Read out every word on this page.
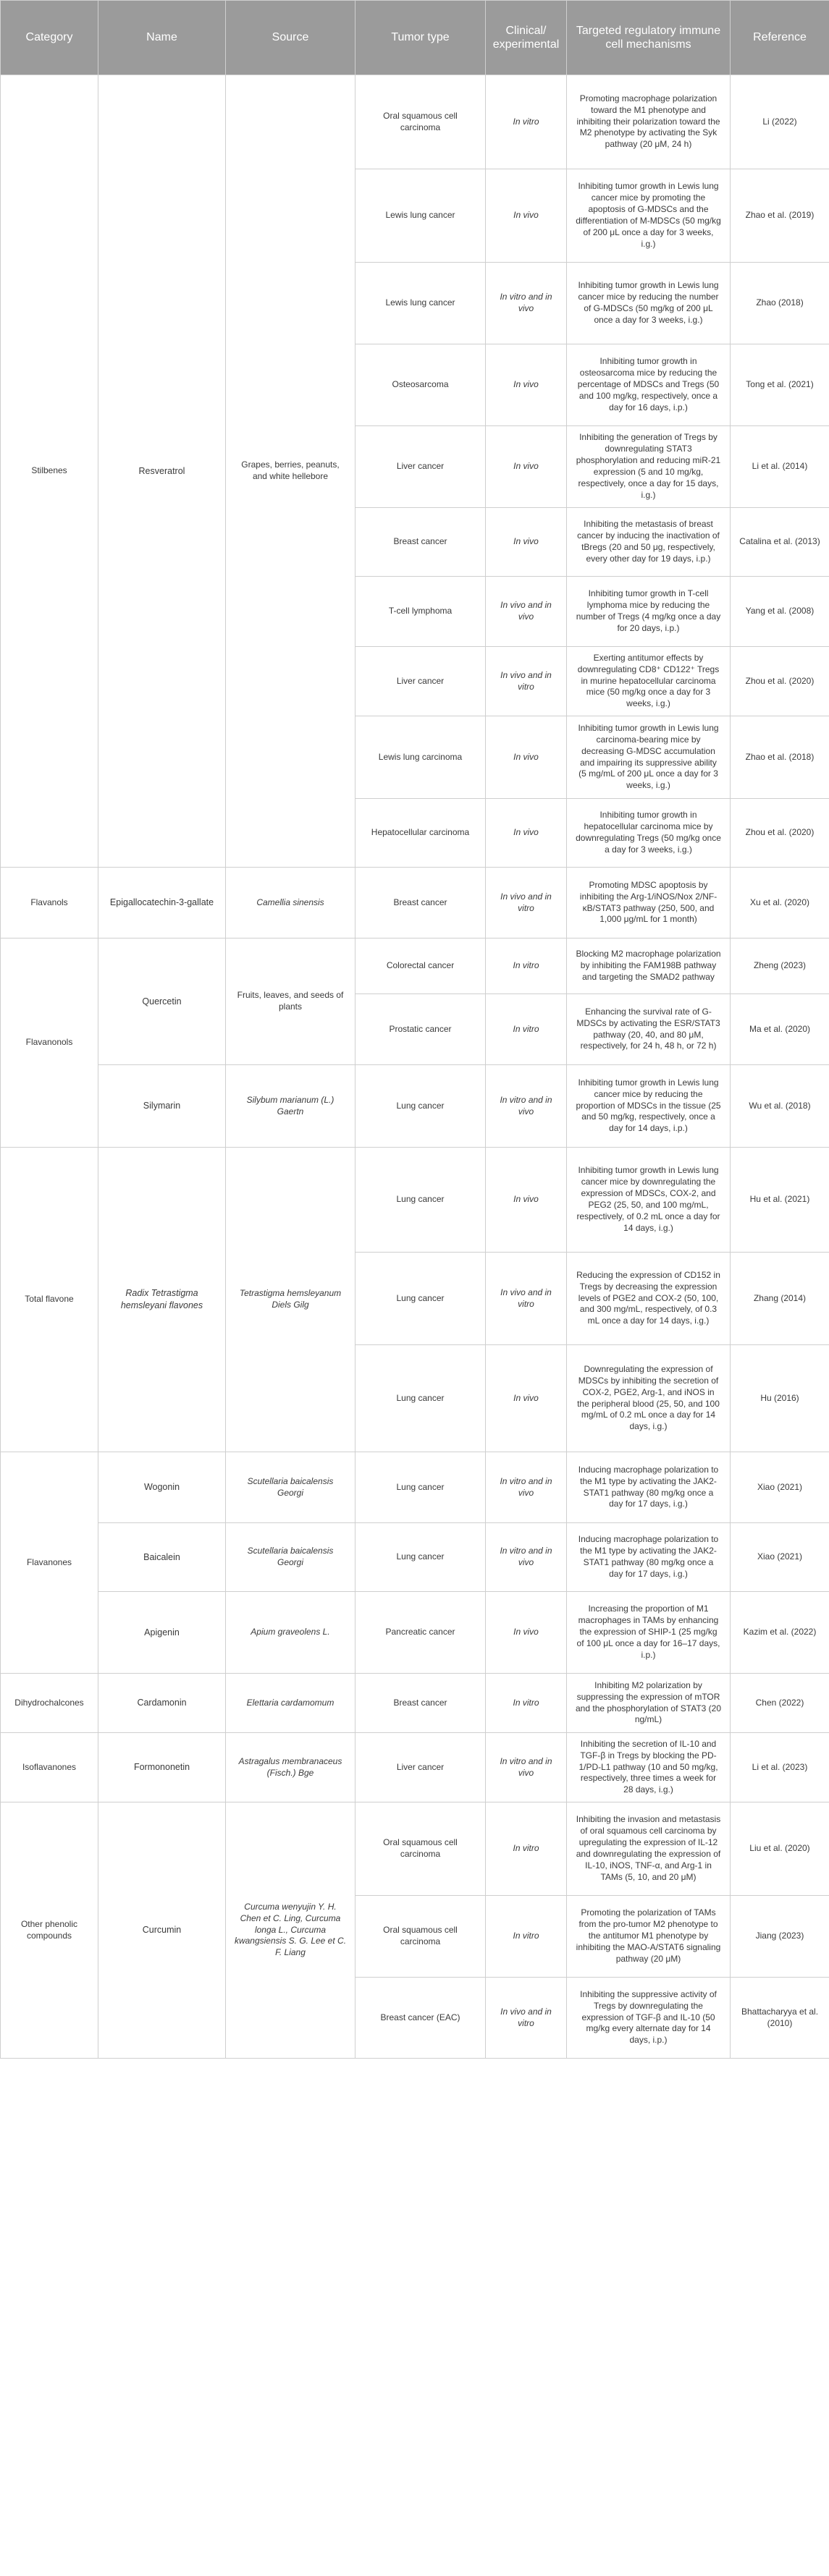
Category	Name	Source	Tumor type	Clinical/ experimental	Targeted regulatory immune cell mechanisms	Reference
Stilbenes	Resveratrol	Grapes, berries, peanuts, and white hellebore	Oral squamous cell carcinoma	In vitro	Promoting macrophage polarization toward the M1 phenotype and inhibiting their polarization toward the M2 phenotype by activating the Syk pathway (20 μM, 24 h)	Li (2022)
			Lewis lung cancer	In vivo	Inhibiting tumor growth in Lewis lung cancer mice by promoting the apoptosis of G-MDSCs and the differentiation of M-MDSCs (50 mg/kg of 200 μL once a day for 3 weeks, i.g.)	Zhao et al. (2019)
			Lewis lung cancer	In vitro and in vivo	Inhibiting tumor growth in Lewis lung cancer mice by reducing the number of G-MDSCs (50 mg/kg of 200 μL once a day for 3 weeks, i.g.)	Zhao (2018)
			Osteosarcoma	In vivo	Inhibiting tumor growth in osteosarcoma mice by reducing the percentage of MDSCs and Tregs (50 and 100 mg/kg, respectively, once a day for 16 days, i.p.)	Tong et al. (2021)
			Liver cancer	In vivo	Inhibiting the generation of Tregs by downregulating STAT3 phosphorylation and reducing miR-21 expression (5 and 10 mg/kg, respectively, once a day for 15 days, i.g.)	Li et al. (2014)
			Breast cancer	In vivo	Inhibiting the metastasis of breast cancer by inducing the inactivation of tBregs (20 and 50 μg, respectively, every other day for 19 days, i.p.)	Catalina et al. (2013)
			T-cell lymphoma	In vivo and in vivo	Inhibiting tumor growth in T-cell lymphoma mice by reducing the number of Tregs (4 mg/kg once a day for 20 days, i.p.)	Yang et al. (2008)
			Liver cancer	In vivo and in vitro	Exerting antitumor effects by downregulating CD8⁺ CD122⁺ Tregs in murine hepatocellular carcinoma mice (50 mg/kg once a day for 3 weeks, i.g.)	Zhou et al. (2020)
			Lewis lung carcinoma	In vivo	Inhibiting tumor growth in Lewis lung carcinoma-bearing mice by decreasing G-MDSC accumulation and impairing its suppressive ability (5 mg/mL of 200 μL once a day for 3 weeks, i.g.)	Zhao et al. (2018)
			Hepatocellular carcinoma	In vivo	Inhibiting tumor growth in hepatocellular carcinoma mice by downregulating Tregs (50 mg/kg once a day for 3 weeks, i.g.)	Zhou et al. (2020)
Flavanols	Epigallocatechin-3-gallate	Camellia sinensis	Breast cancer	In vivo and in vitro	Promoting MDSC apoptosis by inhibiting the Arg-1/iNOS/Nox 2/NF-κB/STAT3 pathway (250, 500, and 1,000 μg/mL for 1 month)	Xu et al. (2020)
Flavanonols	Quercetin	Fruits, leaves, and seeds of plants	Colorectal cancer	In vitro	Blocking M2 macrophage polarization by inhibiting the FAM198B pathway and targeting the SMAD2 pathway	Zheng (2023)
			Prostatic cancer	In vitro	Enhancing the survival rate of G-MDSCs by activating the ESR/STAT3 pathway (20, 40, and 80 μM, respectively, for 24 h, 48 h, or 72 h)	Ma et al. (2020)
	Silymarin	Silybum marianum (L.) Gaertn	Lung cancer	In vitro and in vivo	Inhibiting tumor growth in Lewis lung cancer mice by reducing the proportion of MDSCs in the tissue (25 and 50 mg/kg, respectively, once a day for 14 days, i.p.)	Wu et al. (2018)
Total flavone	Radix Tetrastigma hemsleyani flavones	Tetrastigma hemsleyanum Diels Gilg	Lung cancer	In vivo	Inhibiting tumor growth in Lewis lung cancer mice by downregulating the expression of MDSCs, COX-2, and PEG2 (25, 50, and 100 mg/mL, respectively, of 0.2 mL once a day for 14 days, i.g.)	Hu et al. (2021)
			Lung cancer	In vivo and in vitro	Reducing the expression of CD152 in Tregs by decreasing the expression levels of PGE2 and COX-2 (50, 100, and 300 mg/mL, respectively, of 0.3 mL once a day for 14 days, i.g.)	Zhang (2014)
			Lung cancer	In vivo	Downregulating the expression of MDSCs by inhibiting the secretion of COX-2, PGE2, Arg-1, and iNOS in the peripheral blood (25, 50, and 100 mg/mL of 0.2 mL once a day for 14 days, i.g.)	Hu (2016)
Flavanones	Wogonin	Scutellaria baicalensis Georgi	Lung cancer	In vitro and in vivo	Inducing macrophage polarization to the M1 type by activating the JAK2-STAT1 pathway (80 mg/kg once a day for 17 days, i.g.)	Xiao (2021)
	Baicalein	Scutellaria baicalensis Georgi	Lung cancer	In vitro and in vivo	Inducing macrophage polarization to the M1 type by activating the JAK2-STAT1 pathway (80 mg/kg once a day for 17 days, i.g.)	Xiao (2021)
	Apigenin	Apium graveolens L.	Pancreatic cancer	In vivo	Increasing the proportion of M1 macrophages in TAMs by enhancing the expression of SHIP-1 (25 mg/kg of 100 μL once a day for 16–17 days, i.p.)	Kazim et al. (2022)
Dihydrochalcones	Cardamonin	Elettaria cardamomum	Breast cancer	In vitro	Inhibiting M2 polarization by suppressing the expression of mTOR and the phosphorylation of STAT3 (20 ng/mL)	Chen (2022)
Isoflavanones	Formononetin	Astragalus membranaceus (Fisch.) Bge	Liver cancer	In vitro and in vivo	Inhibiting the secretion of IL-10 and TGF-β in Tregs by blocking the PD-1/PD-L1 pathway (10 and 50 mg/kg, respectively, three times a week for 28 days, i.g.)	Li et al. (2023)
Other phenolic compounds	Curcumin	Curcuma wenyujin Y. H. Chen et C. Ling, Curcuma longa L., Curcuma kwangsiensis S. G. Lee et C. F. Liang	Oral squamous cell carcinoma	In vitro	Inhibiting the invasion and metastasis of oral squamous cell carcinoma by upregulating the expression of IL-12 and downregulating the expression of IL-10, iNOS, TNF-α, and Arg-1 in TAMs (5, 10, and 20 μM)	Liu et al. (2020)
			Oral squamous cell carcinoma	In vitro	Promoting the polarization of TAMs from the pro-tumor M2 phenotype to the antitumor M1 phenotype by inhibiting the MAO-A/STAT6 signaling pathway (20 μM)	Jiang (2023)
			Breast cancer (EAC)	In vivo and in vitro	Inhibiting the suppressive activity of Tregs by downregulating the expression of TGF-β and IL-10 (50 mg/kg every alternate day for 14 days, i.p.)	Bhattacharyya et al. (2010)
